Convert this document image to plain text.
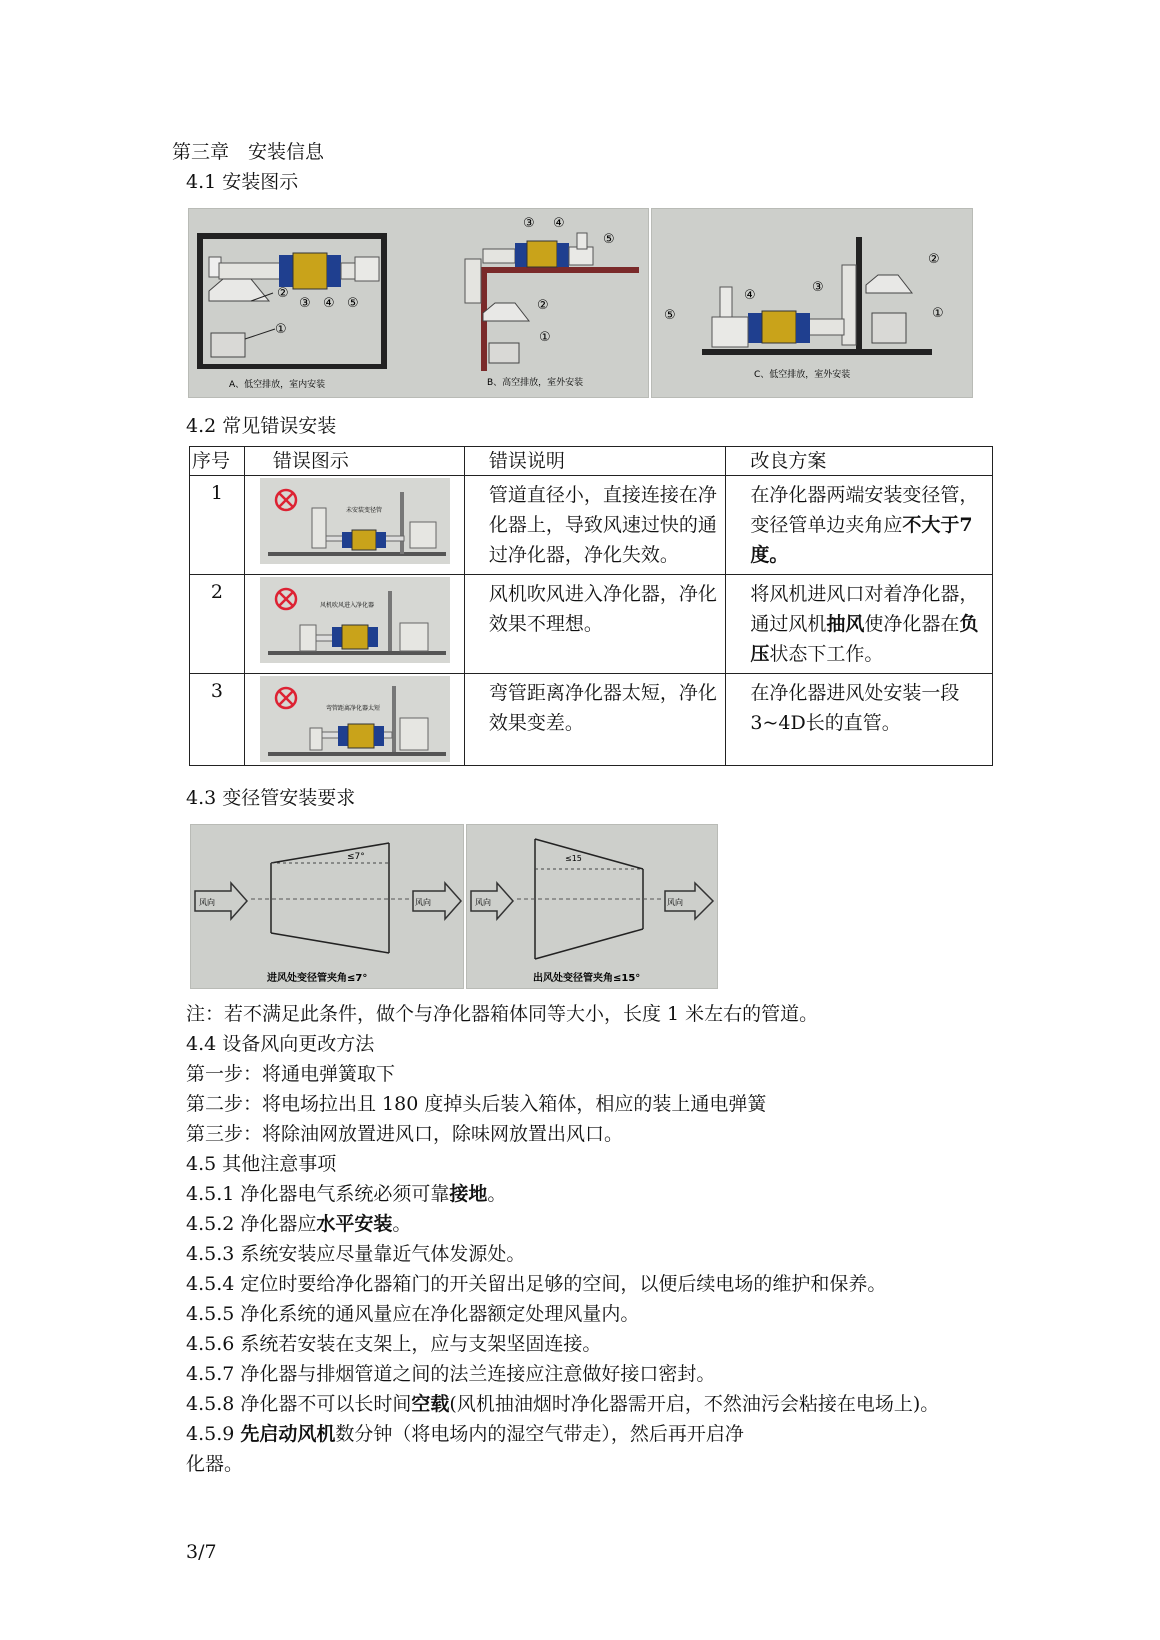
第三章　安装信息
4.1 安装图示
①
②
③ ④ ⑤
A、低空排放，室内安装
③ ④
⑤
②
①
B、高空排放，室外安装
②
①
③
④
⑤
C、低空排放，室外安装
4.2 常见错误安装
序号	错误图示	错误说明	改良方案
1	未安装变径管	管道直径小，直接连接在净化器上，导致风速过快的通过净化器，净化失效。	在净化器两端安装变径管，变径管单边夹角应不大于7度。
2	风机吹风进入净化器	风机吹风进入净化器，净化效果不理想。	将风机进风口对着净化器，通过风机抽风使净化器在负压状态下工作。
3	弯管距离净化器太短	弯管距离净化器太短，净化效果变差。	在净化器进风处安装一段3~4D长的直管。
4.3 变径管安装要求
风向	风向
≤7°
进风处变径管夹角≤7°
风向	风向
≤15
出风处变径管夹角≤15°
注：若不满足此条件，做个与净化器箱体同等大小，长度 1 米左右的管道。
4.4 设备风向更改方法
第一步：将通电弹簧取下
第二步：将电场拉出且 180 度掉头后装入箱体，相应的装上通电弹簧
第三步：将除油网放置进风口，除味网放置出风口。
4.5 其他注意事项
4.5.1 净化器电气系统必须可靠接地。
4.5.2 净化器应水平安装。
4.5.3 系统安装应尽量靠近气体发源处。
4.5.4 定位时要给净化器箱门的开关留出足够的空间，以便后续电场的维护和保养。
4.5.5 净化系统的通风量应在净化器额定处理风量内。
4.5.6 系统若安装在支架上，应与支架坚固连接。
4.5.7 净化器与排烟管道之间的法兰连接应注意做好接口密封。
4.5.8 净化器不可以长时间空载(风机抽油烟时净化器需开启，不然油污会粘接在电场上)。
4.5.9 先启动风机数分钟（将电场内的湿空气带走），然后再开启净
化器。
3/7
